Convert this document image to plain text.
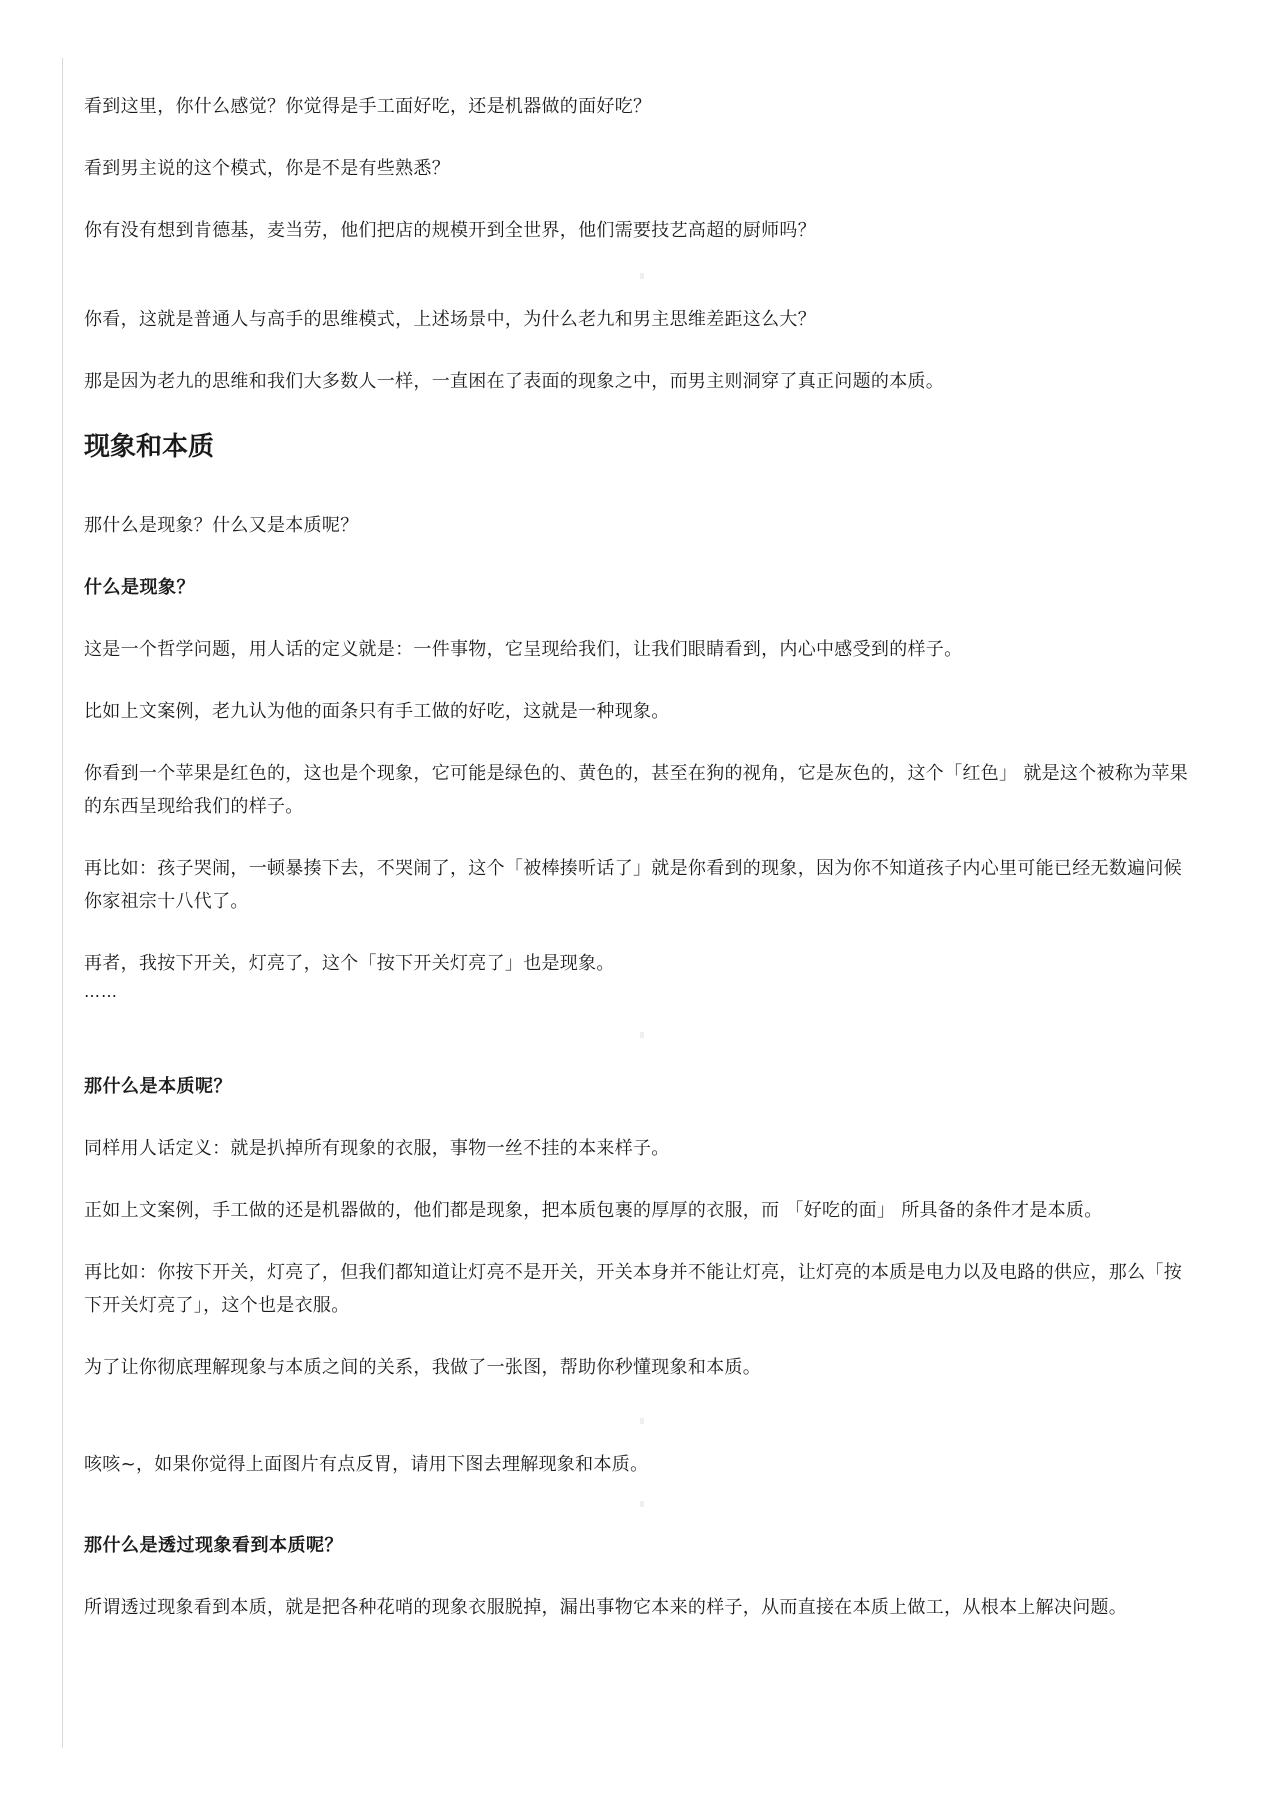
看到这里，你什么感觉？你觉得是手工面好吃，还是机器做的面好吃？

看到男主说的这个模式，你是不是有些熟悉？

你有没有想到肯德基，麦当劳，他们把店的规模开到全世界，他们需要技艺高超的厨师吗？

你看，这就是普通人与高手的思维模式，上述场景中，为什么老九和男主思维差距这么大？

那是因为老九的思维和我们大多数人一样，一直困在了表面的现象之中，而男主则洞穿了真正问题的本质。

现象和本质

那什么是现象？什么又是本质呢？

什么是现象？

这是一个哲学问题，用人话的定义就是：一件事物，它呈现给我们，让我们眼睛看到，内心中感受到的样子。

比如上文案例，老九认为他的面条只有手工做的好吃，这就是一种现象。

你看到一个苹果是红色的，这也是个现象，它可能是绿色的、黄色的，甚至在狗的视角，它是灰色的，这个「红色」 就是这个被称为苹果的东西呈现给我们的样子。

再比如：孩子哭闹，一顿暴揍下去，不哭闹了，这个「被棒揍听话了」就是你看到的现象，因为你不知道孩子内心里可能已经无数遍问候你家祖宗十八代了。

再者，我按下开关，灯亮了，这个「按下开关灯亮了」也是现象。

……

那什么是本质呢？

同样用人话定义：就是扒掉所有现象的衣服，事物一丝不挂的本来样子。

正如上文案例，手工做的还是机器做的，他们都是现象，把本质包裹的厚厚的衣服，而 「好吃的面」 所具备的条件才是本质。

再比如：你按下开关，灯亮了，但我们都知道让灯亮不是开关，开关本身并不能让灯亮，让灯亮的本质是电力以及电路的供应，那么「按下开关灯亮了」，这个也是衣服。

为了让你彻底理解现象与本质之间的关系，我做了一张图，帮助你秒懂现象和本质。

咳咳~，如果你觉得上面图片有点反胃，请用下图去理解现象和本质。

那什么是透过现象看到本质呢？

所谓透过现象看到本质，就是把各种花哨的现象衣服脱掉，漏出事物它本来的样子，从而直接在本质上做工，从根本上解决问题。
